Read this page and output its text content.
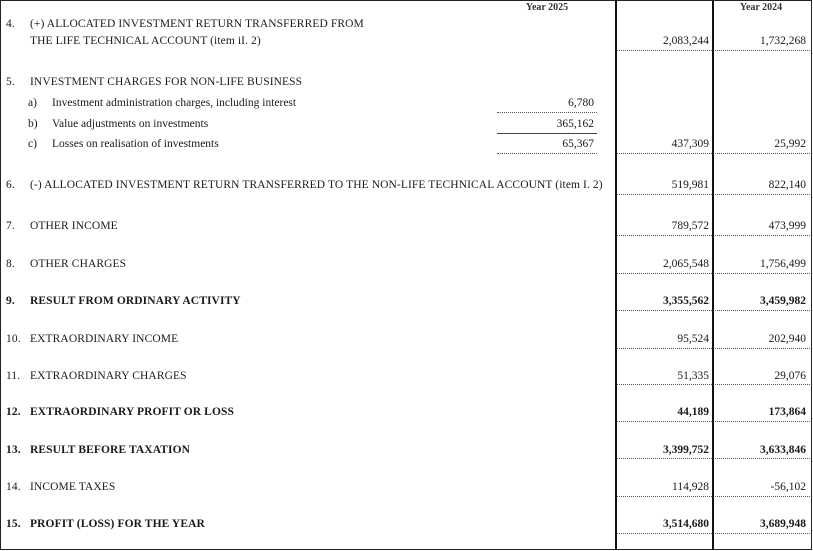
Year 2025	Year 2024
4. (+) ALLOCATED INVESTMENT RETURN TRANSFERRED FROM
THE LIFE TECHNICAL ACCOUNT (item iI. 2)	2,083,244	1,732,268
5. INVESTMENT CHARGES FOR NON-LIFE BUSINESS
a) Investment administration charges, including interest	6,780
b) Value adjustments on investments	365,162
c) Losses on realisation of investments	65,367	437,309	25,992
6. (-) ALLOCATED INVESTMENT RETURN TRANSFERRED TO THE NON-LIFE TECHNICAL ACCOUNT (item I. 2)	519,981	822,140
7. OTHER INCOME	789,572	473,999
8. OTHER CHARGES	2,065,548	1,756,499
9. RESULT FROM ORDINARY ACTIVITY	3,355,562	3,459,982
10. EXTRAORDINARY INCOME	95,524	202,940
11. EXTRAORDINARY CHARGES	51,335	29,076
12. EXTRAORDINARY PROFIT OR LOSS	44,189	173,864
13. RESULT BEFORE TAXATION	3,399,752	3,633,846
14. INCOME TAXES	114,928	-56,102
15. PROFIT (LOSS) FOR THE YEAR	3,514,680	3,689,948
